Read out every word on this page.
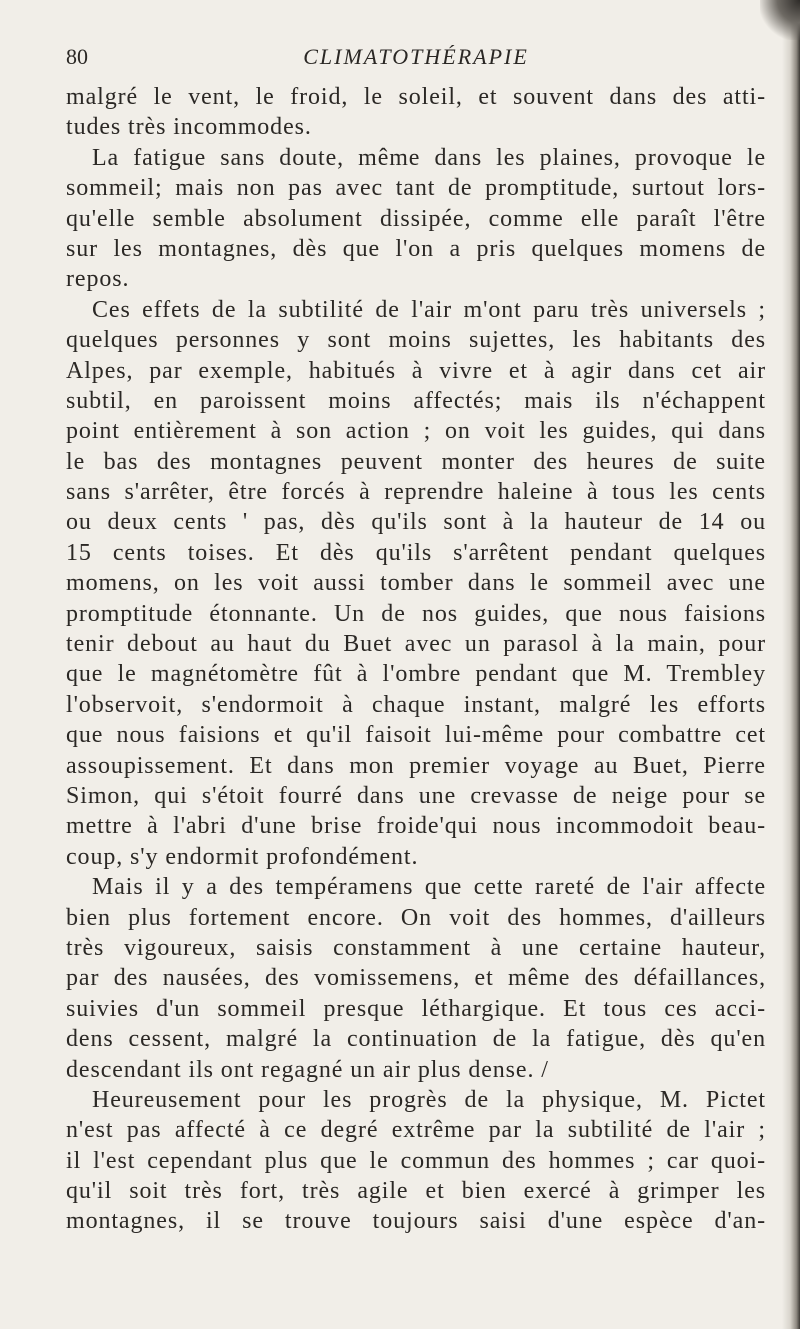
80	CLIMATOTHÉRAPIE
malgré le vent, le froid, le soleil, et souvent dans des atti-
tudes très incommodes.
La fatigue sans doute, même dans les plaines, provoque le
sommeil; mais non pas avec tant de promptitude, surtout lors-
qu'elle semble absolument dissipée, comme elle paraît l'être
sur les montagnes, dès que l'on a pris quelques momens de
repos.
Ces effets de la subtilité de l'air m'ont paru très universels ;
quelques personnes y sont moins sujettes, les habitants des
Alpes, par exemple, habitués à vivre et à agir dans cet air
subtil, en paroissent moins affectés; mais ils n'échappent
point entièrement à son action ; on voit les guides, qui dans
le bas des montagnes peuvent monter des heures de suite
sans s'arrêter, être forcés à reprendre haleine à tous les cents
ou deux cents ' pas, dès qu'ils sont à la hauteur de 14 ou
15 cents toises. Et dès qu'ils s'arrêtent pendant quelques
momens, on les voit aussi tomber dans le sommeil avec une
promptitude étonnante. Un de nos guides, que nous faisions
tenir debout au haut du Buet avec un parasol à la main, pour
que le magnétomètre fût à l'ombre pendant que M. Trembley
l'observoit, s'endormoit à chaque instant, malgré les efforts
que nous faisions et qu'il faisoit lui-même pour combattre cet
assoupissement. Et dans mon premier voyage au Buet, Pierre
Simon, qui s'étoit fourré dans une crevasse de neige pour se
mettre à l'abri d'une brise froide'qui nous incommodoit beau-
coup, s'y endormit profondément.
Mais il y a des tempéramens que cette rareté de l'air affecte
bien plus fortement encore. On voit des hommes, d'ailleurs
très vigoureux, saisis constamment à une certaine hauteur,
par des nausées, des vomissemens, et même des défaillances,
suivies d'un sommeil presque léthargique. Et tous ces acci-
dens cessent, malgré la continuation de la fatigue, dès qu'en
descendant ils ont regagné un air plus dense. /
Heureusement pour les progrès de la physique, M. Pictet
n'est pas affecté à ce degré extrême par la subtilité de l'air ;
il l'est cependant plus que le commun des hommes ; car quoi-
qu'il soit très fort, très agile et bien exercé à grimper les
montagnes, il se trouve toujours saisi d'une espèce d'an-
